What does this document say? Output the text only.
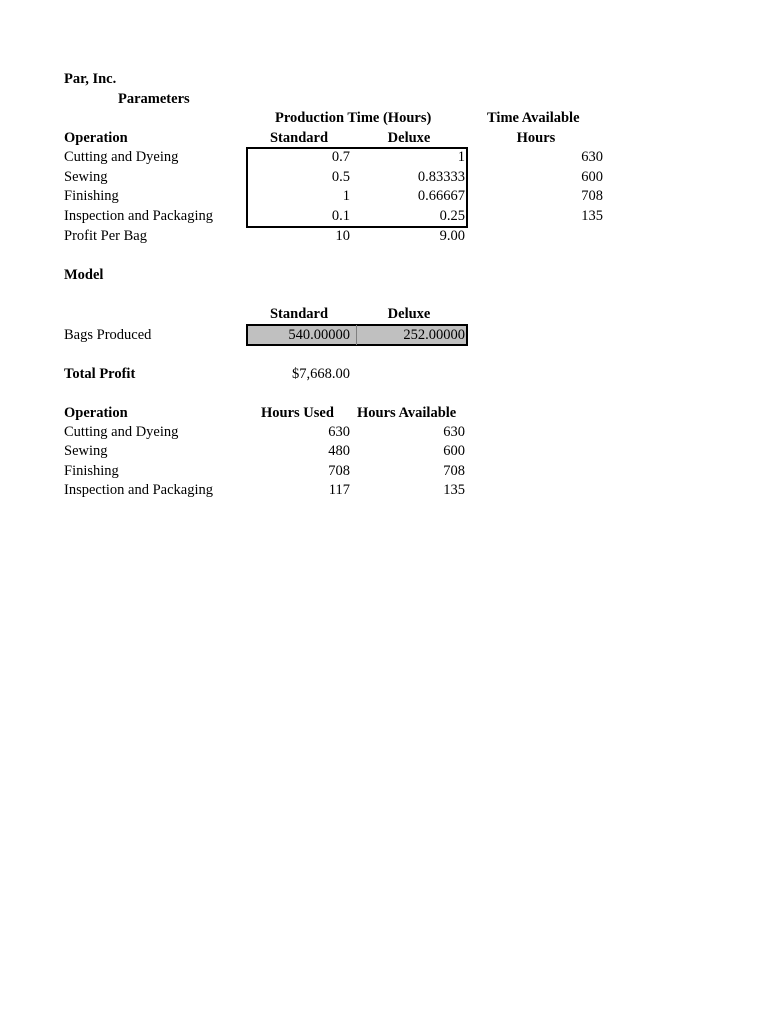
Par, Inc.
Parameters
Production Time (Hours)	Time Available
Operation	Standard	Deluxe	Hours
Cutting and Dyeing	0.7	1	630
Sewing	0.5	0.83333	600
Finishing	1	0.66667	708
Inspection and Packaging	0.1	0.25	135
Profit Per Bag	10	9.00
Model
Standard	Deluxe
Bags Produced	540.00000	252.00000
Total Profit	$7,668.00
Operation	Hours Used Hours Available
Cutting and Dyeing	630	630
Sewing	480	600
Finishing	708	708
Inspection and Packaging	117	135
